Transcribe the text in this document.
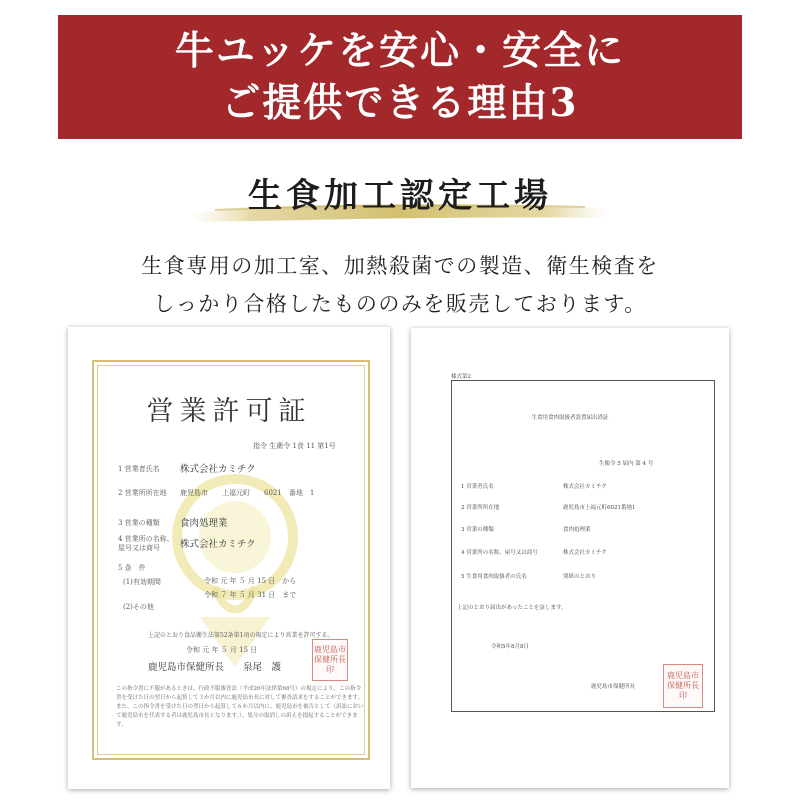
牛ユッケを安心・安全に
ご提供できる理由3
生食加工認定工場
生食専用の加工室、加熱殺菌での製造、衛生検査を
しっかり合格したもののみを販売しております。
営業許可証
指令 生衛令 1食 11 第1号
1 営業者氏名 株式会社カミチク
2 営業所所在地 鹿児島市　　上福元町　　6021　番地　1
3 営業の種類 食肉処理業
4 営業所の名称、屋号又は商号	株式会社カミチク
5 条　件
(1)有効期間	令和 元 年 ５ 月 15 日　から
令和 ７ 年 ５ 月 31 日　まで
(2)その他
上記のとおり食品衛生法第52条第1項の規定により営業を許可する。
令和 元 年 ５ 月 15 日
鹿児島市保健所長　　泉尾　護
鹿児島市保健所長印
この指令書に不服があるときは、行政不服審査法（平成26年法律第68号）の規定により、この指令書を受けた日の翌日から起算して３か月以内に鹿児島市長に対して審査請求をすることができます。また、この指令書を受けた日の翌日から起算して６か月以内に、鹿児島市を被告として（訴訟において鹿児島市を代表する者は鹿児島市長となります。）、処分の取消しの訴えを提起することができます。
様式第2
生食用食肉取扱者設置届出済証
生衛令 5 届内 第 4 号
1 営業者氏名	株式会社カミチク
2 営業所所在地	鹿児島市上福元町6021番地1
3 営業の種類	食肉処理業
4 営業所の名称、屋号又は商号	株式会社カミチク
5 生食用食肉取扱者の氏名	別紙のとおり
上記のとおり届出があったことを証します。
令和5年8月8日
鹿児島市保健所長
鹿児島市保健所長印
